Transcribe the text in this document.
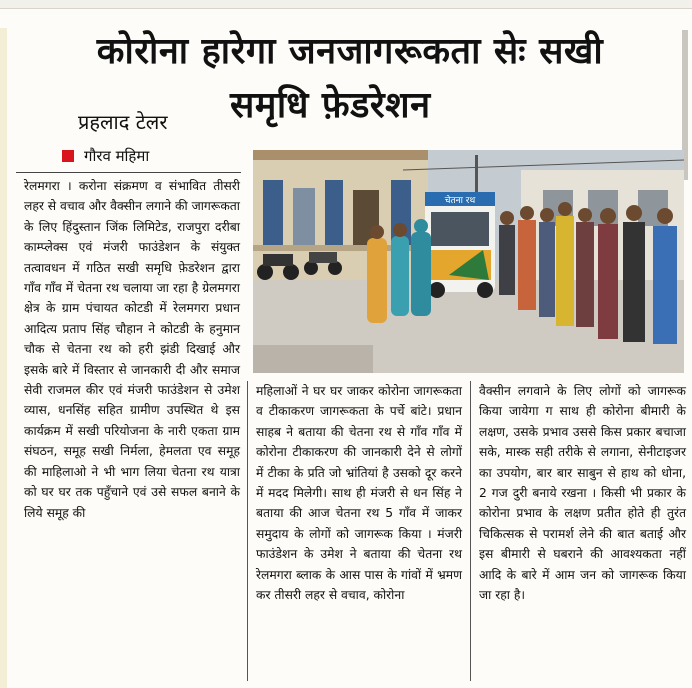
कोरोना हारेगा जनजागरूकता सेः सखी
समृधि फ़ेडरेशन
प्रहलाद टेलर
गौरव महिमा
चेतना रथ
रेलमगरा । करोना संक्रमण व संभावित तीसरी लहर से वचाव और वैक्सीन लगाने की जागरूकता के लिए हिंदुस्तान जिंक लिमिटेड, राजपुरा दरीबा काम्प्लेक्स एवं मंजरी फाउंडेशन के संयुक्त तत्वावधन में गठित सखी समृधि फ़ेडरेशन द्वारा गाँव गाँव में चेतना रथ चलाया जा रहा है ग्रेलमगरा क्षेत्र के ग्राम पंचायत कोटडी में रेलमगरा प्रधान आदित्य प्रताप सिंह चौहान ने कोटडी के हनुमान चौक से चेतना रथ को हरी झंडी दिखाई और इसके बारे में विस्तार से जानकारी दी और समाज सेवी राजमल कीर एवं मंजरी फाउंडेशन से उमेश व्यास, धनसिंह सहित ग्रामीण उपस्थित थे इस कार्यक्रम में सखी परियोजना के नारी एकता ग्राम संघठन, समूह सखी निर्मला, हेमलता एव समूह की माहिलाओ ने भी भाग लिया चेतना रथ यात्रा को घर घर तक पहुँचाने एवं उसे सफल बनाने के लिये समूह की
महिलाओं ने घर घर जाकर कोरोना जागरूकता व टीकाकरण जागरूकता के पर्चे बांटे। प्रधान साहब ने बताया की चेतना रथ से गाँव गाँव में कोरोना टीकाकरण की जानकारी देने से लोगों में टीका के प्रति जो भ्रांतियां है उसको दूर करने में मदद मिलेगी। साथ ही मंजरी से धन सिंह ने बताया की आज चेतना रथ 5 गाँव में जाकर समुदाय के लोगों को जागरूक किया । मंजरी फाउंडेशन के उमेश ने बताया की चेतना रथ रेलमगरा ब्लाक के आस पास के गांवों में भ्रमण कर तीसरी लहर से वचाव, कोरोना
वैक्सीन लगवाने के लिए लोगों को जागरूक किया जायेगा ग साथ ही कोरोना बीमारी के लक्षण, उसके प्रभाव उससे किस प्रकार बचाजा सके, मास्क सही तरीके से लगाना, सेनीटाइजर का उपयोग, बार बार साबुन से हाथ को धोना, 2 गज दुरी बनाये रखना । किसी भी प्रकार के कोरोना प्रभाव के लक्षण प्रतीत होते ही तुरंत चिकित्सक से परामर्श लेने की बात बताई और इस बीमारी से घबराने की आवश्यकता नहीं आदि के बारे में आम जन को जागरूक किया जा रहा है।
